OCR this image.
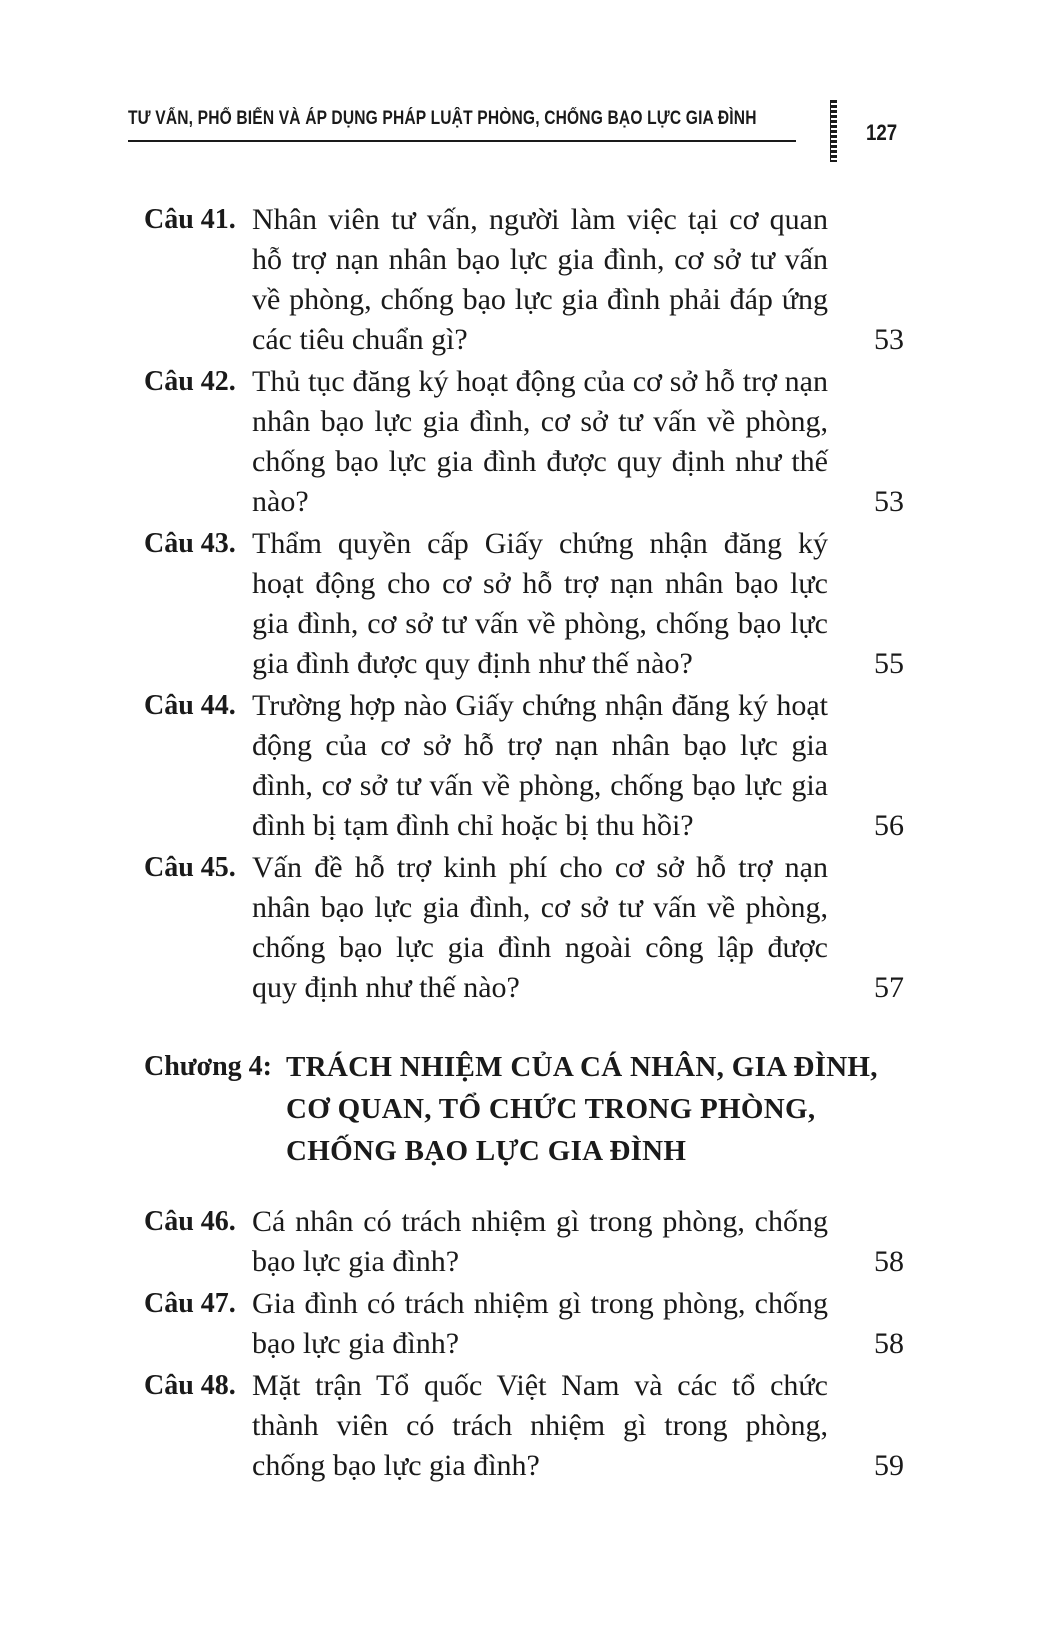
TƯ VẤN, PHỔ BIẾN VÀ ÁP DỤNG PHÁP LUẬT PHÒNG, CHỐNG BẠO LỰC GIA ĐÌNH
127
Câu 41. Nhân viên tư vấn, người làm việc tại cơ quan hỗ trợ nạn nhân bạo lực gia đình, cơ sở tư vấn về phòng, chống bạo lực gia đình phải đáp ứng các tiêu chuẩn gì?	53
Câu 42. Thủ tục đăng ký hoạt động của cơ sở hỗ trợ nạn nhân bạo lực gia đình, cơ sở tư vấn về phòng, chống bạo lực gia đình được quy định như thế nào?	53
Câu 43. Thẩm quyền cấp Giấy chứng nhận đăng ký hoạt động cho cơ sở hỗ trợ nạn nhân bạo lực gia đình, cơ sở tư vấn về phòng, chống bạo lực gia đình được quy định như thế nào?	55
Câu 44. Trường hợp nào Giấy chứng nhận đăng ký hoạt động của cơ sở hỗ trợ nạn nhân bạo lực gia đình, cơ sở tư vấn về phòng, chống bạo lực gia đình bị tạm đình chỉ hoặc bị thu hồi?	56
Câu 45. Vấn đề hỗ trợ kinh phí cho cơ sở hỗ trợ nạn nhân bạo lực gia đình, cơ sở tư vấn về phòng, chống bạo lực gia đình ngoài công lập được quy định như thế nào?	57
Chương 4: TRÁCH NHIỆM CỦA CÁ NHÂN, GIA ĐÌNH, CƠ QUAN, TỔ CHỨC TRONG PHÒNG, CHỐNG BẠO LỰC GIA ĐÌNH
Câu 46. Cá nhân có trách nhiệm gì trong phòng, chống bạo lực gia đình?	58
Câu 47. Gia đình có trách nhiệm gì trong phòng, chống bạo lực gia đình?	58
Câu 48. Mặt trận Tổ quốc Việt Nam và các tổ chức thành viên có trách nhiệm gì trong phòng, chống bạo lực gia đình?	59
